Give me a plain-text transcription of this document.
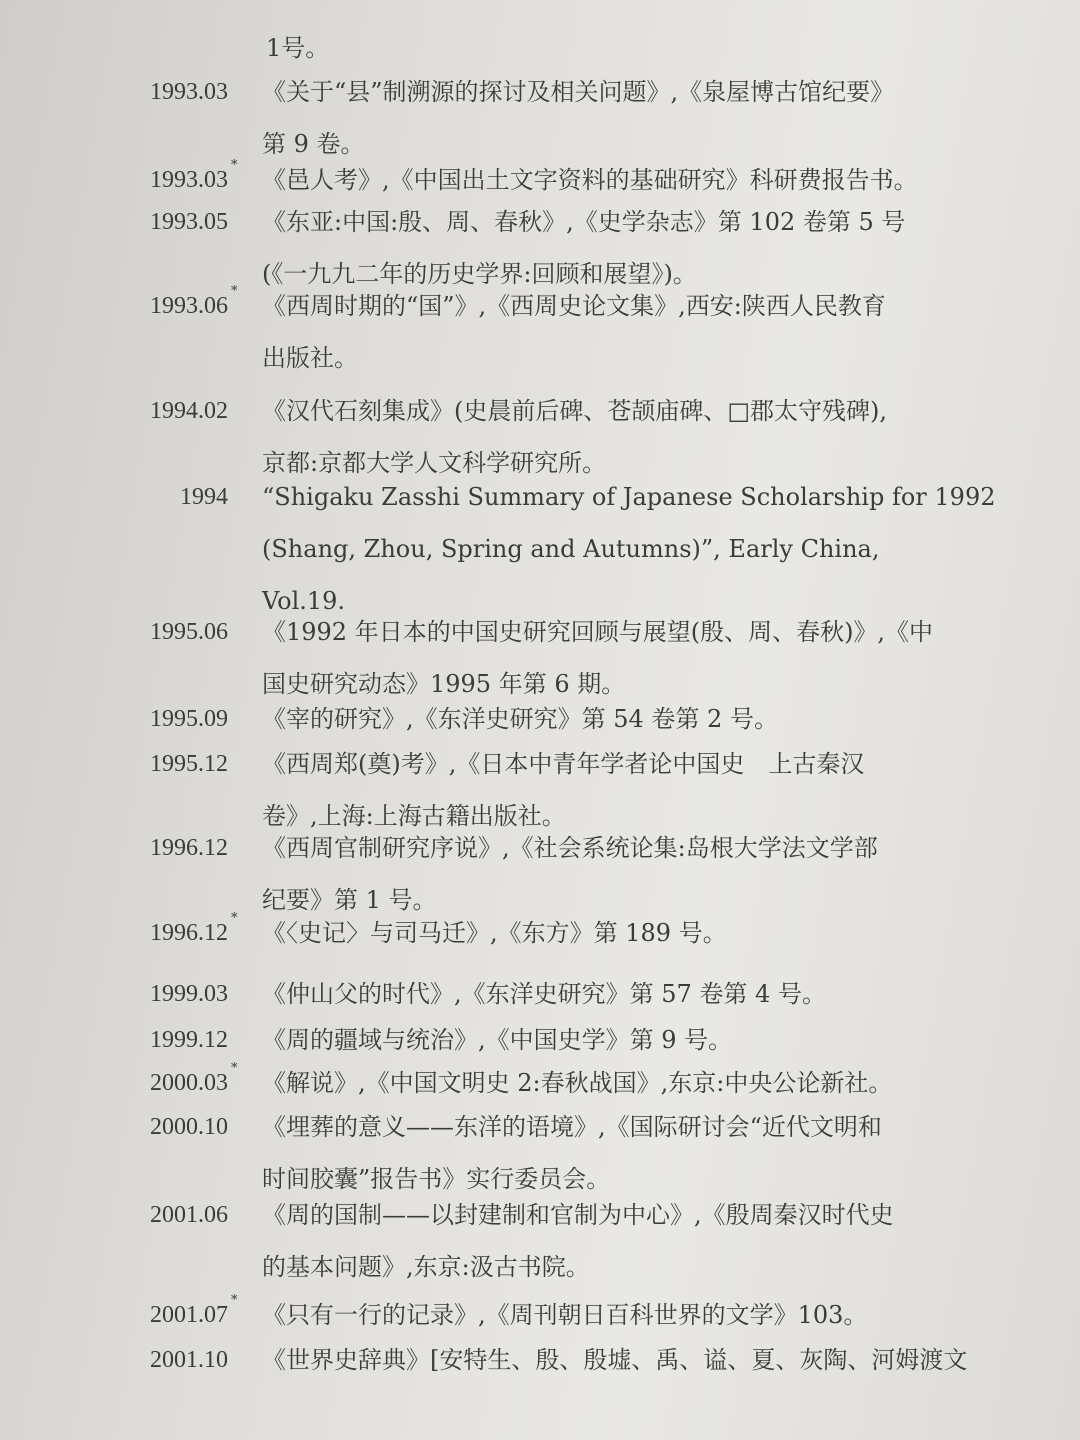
1号。
1993.03 《关于“县”制溯源的探讨及相关问题》,《泉屋博古馆纪要》
第 9 卷。
1993.03
*
《邑人考》,《中国出土文字资料的基础研究》科研费报告书。
1993.05 《东亚:中国:殷、周、春秋》,《史学杂志》第 102 卷第 5 号
(《一九九二年的历史学界:回顾和展望》)。
1993.06
*
《西周时期的“国”》,《西周史论文集》,西安:陕西人民教育
出版社。
1994.02 《汉代石刻集成》(史晨前后碑、苍颉庙碑、□郡太守残碑),
京都:京都大学人文科学研究所。
1994 “Shigaku Zasshi Summary of Japanese Scholarship for 1992
(Shang, Zhou, Spring and Autumns)”, Early China,
Vol.19.
1995.06 《1992 年日本的中国史研究回顾与展望(殷、周、春秋)》,《中
国史研究动态》1995 年第 6 期。
1995.09 《宰的研究》,《东洋史研究》第 54 卷第 2 号。
1995.12 《西周郑(奠)考》,《日本中青年学者论中国史　上古秦汉
卷》,上海:上海古籍出版社。
1996.12 《西周官制研究序说》,《社会系统论集:岛根大学法文学部
纪要》第 1 号。
1996.12
*
《〈史记〉与司马迁》,《东方》第 189 号。
1999.03 《仲山父的时代》,《东洋史研究》第 57 卷第 4 号。
1999.12 《周的疆域与统治》,《中国史学》第 9 号。
2000.03
*
《解说》,《中国文明史 2:春秋战国》,东京:中央公论新社。
2000.10 《埋葬的意义——东洋的语境》,《国际研讨会“近代文明和
时间胶囊”报告书》实行委员会。
2001.06 《周的国制——以封建制和官制为中心》,《殷周秦汉时代史
的基本问题》,东京:汲古书院。
2001.07
*
《只有一行的记录》,《周刊朝日百科世界的文学》103。
2001.10 《世界史辞典》[安特生、殷、殷墟、禹、谥、夏、灰陶、河姆渡文
